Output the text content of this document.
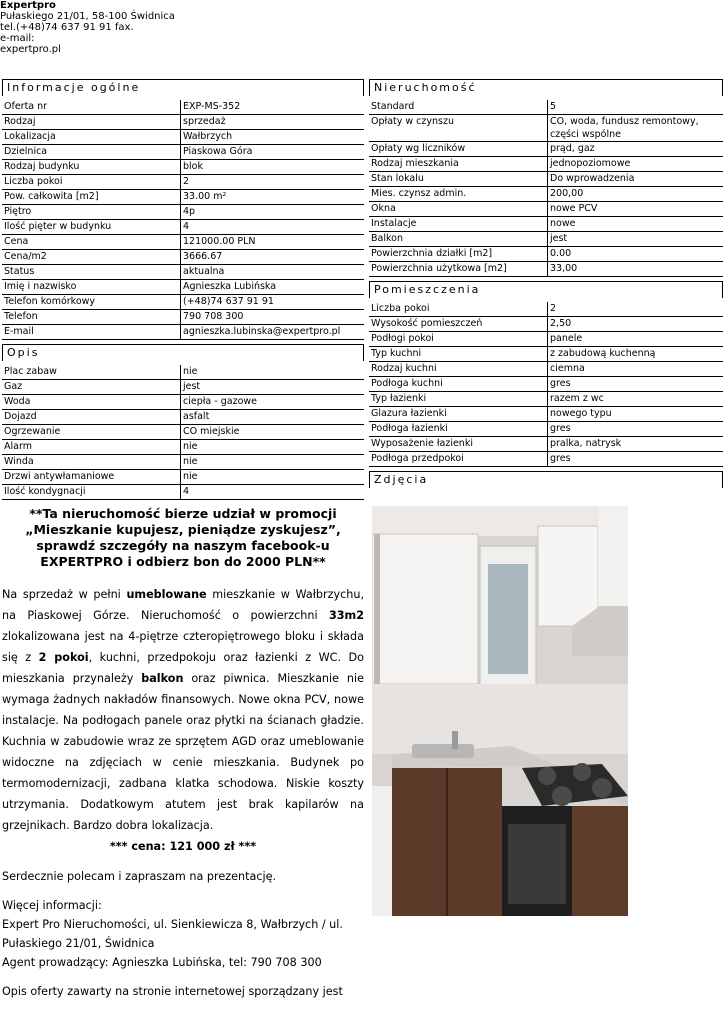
Expertpro
Pułaskiego 21/01, 58-100 Świdnica
tel.(+48)74 637 91 91 fax.
e-mail:
expertpro.pl
Informacje ogólne
Oferta nr	EXP-MS-352
Rodzaj	sprzedaż
Lokalizacja	Wałbrzych
Dzielnica	Piaskowa Góra
Rodzaj budynku	blok
Liczba pokoi	2
Pow. całkowita [m2]	33.00 m²
Piętro	4p
Ilość pięter w budynku	4
Cena	121000.00 PLN
Cena/m2	3666.67
Status	aktualna
Imię i nazwisko	Agnieszka Lubińska
Telefon komórkowy	(+48)74 637 91 91
Telefon	790 708 300
E-mail	agnieszka.lubinska@expertpro.pl
Opis
Plac zabaw	nie
Gaz	jest
Woda	ciepła - gazowe
Dojazd	asfalt
Ogrzewanie	CO miejskie
Alarm	nie
Winda	nie
Drzwi antywłamaniowe	nie
Ilość kondygnacji	4
**Ta nieruchomość bierze udział w promocji „Mieszkanie kupujesz, pieniądze zyskujesz”, sprawdź szczegóły na naszym facebook-u EXPERTPRO i odbierz bon do 2000 PLN**
Na sprzedaż w pełni umeblowane mieszkanie w Wałbrzychu, na Piaskowej Górze. Nieruchomość o powierzchni 33m2 zlokalizowana jest na 4-piętrze czteropiętrowego bloku i składa się z 2 pokoi, kuchni, przedpokoju oraz łazienki z WC. Do mieszkania przynależy balkon oraz piwnica. Mieszkanie nie wymaga żadnych nakładów finansowych. Nowe okna PCV, nowe instalacje. Na podłogach panele oraz płytki na ścianach gładzie. Kuchnia w zabudowie wraz ze sprzętem AGD oraz umeblowanie widoczne na zdjęciach w cenie mieszkania. Budynek po termomodernizacji, zadbana klatka schodowa. Niskie koszty utrzymania. Dodatkowym atutem jest brak kapilarów na grzejnikach. Bardzo dobra lokalizacja.
*** cena: 121 000 zł ***
Serdecznie polecam i zapraszam na prezentację.
Więcej informacji:
Expert Pro Nieruchomości, ul. Sienkiewicza 8, Wałbrzych / ul. Pułaskiego 21/01, Świdnica
Agent prowadzący: Agnieszka Lubińska, tel: 790 708 300
Opis oferty zawarty na stronie internetowej sporządzany jest
Nieruchomość
Standard	5
Opłaty w czynszu	CO, woda, fundusz remontowy, części wspólne
Opłaty wg liczników	prąd, gaz
Rodzaj mieszkania	jednopoziomowe
Stan lokalu	Do wprowadzenia
Mies. czynsz admin.	200,00
Okna	nowe PCV
Instalacje	nowe
Balkon	jest
Powierzchnia działki [m2]	0.00
Powierzchnia użytkowa [m2]	33,00
Pomieszczenia
Liczba pokoi	2
Wysokość pomieszczeń	2,50
Podłogi pokoi	panele
Typ kuchni	z zabudową kuchenną
Rodzaj kuchni	ciemna
Podłoga kuchni	gres
Typ łazienki	razem z wc
Glazura łazienki	nowego typu
Podłoga łazienki	gres
Wyposażenie łazienki	pralka, natrysk
Podłoga przedpokoi	gres
Zdjęcia
